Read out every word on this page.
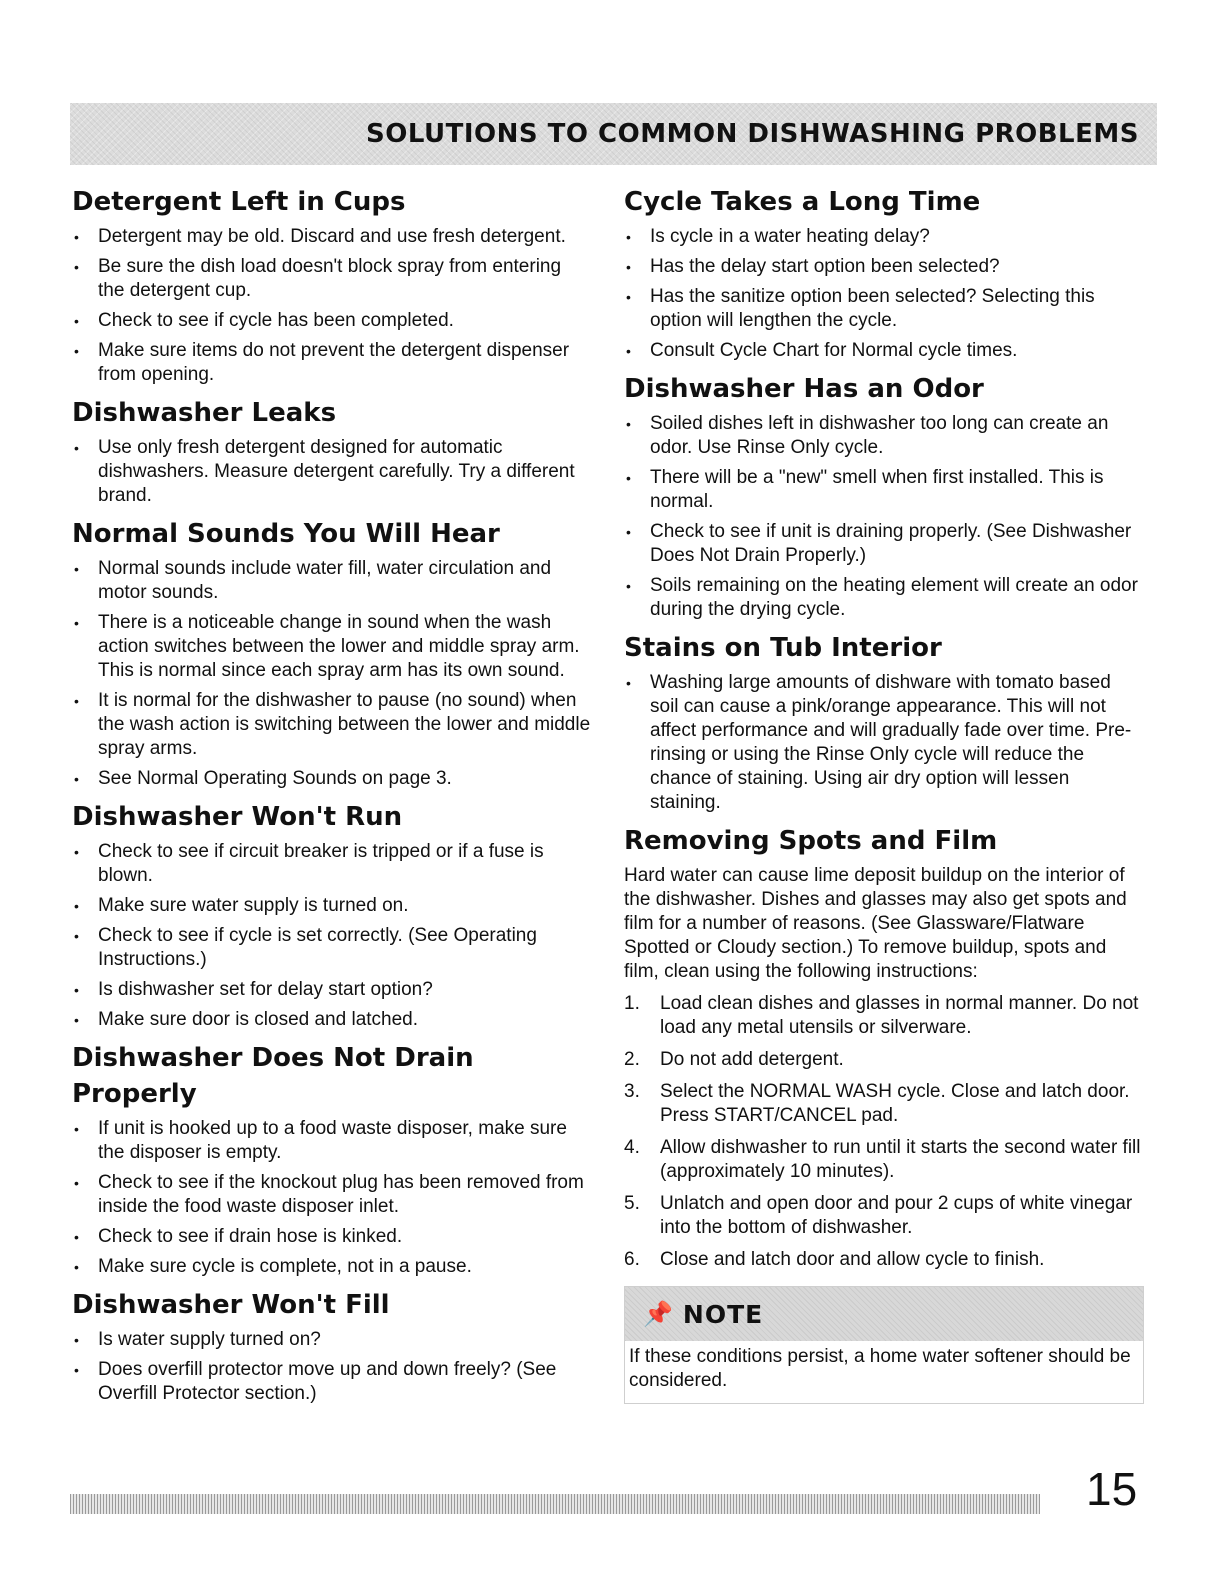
SOLUTIONS TO COMMON DISHWASHING PROBLEMS
Detergent Left in Cups
• Detergent may be old. Discard and use fresh detergent.
• Be sure the dish load doesn't block spray from entering the detergent cup.
• Check to see if cycle has been completed.
• Make sure items do not prevent the detergent dispenser from opening.
Dishwasher Leaks
• Use only fresh detergent designed for automatic dishwashers. Measure detergent carefully. Try a different brand.
Normal Sounds You Will Hear
• Normal sounds include water fill, water circulation and motor sounds.
• There is a noticeable change in sound when the wash action switches between the lower and middle spray arm. This is normal since each spray arm has its own sound.
• It is normal for the dishwasher to pause (no sound) when the wash action is switching between the lower and middle spray arms.
• See Normal Operating Sounds on page 3.
Dishwasher Won't Run
• Check to see if circuit breaker is tripped or if a fuse is blown.
• Make sure water supply is turned on.
• Check to see if cycle is set correctly. (See Operating Instructions.)
• Is dishwasher set for delay start option?
• Make sure door is closed and latched.
Dishwasher Does Not Drain Properly
• If unit is hooked up to a food waste disposer, make sure the disposer is empty.
• Check to see if the knockout plug has been removed from inside the food waste disposer inlet.
• Check to see if drain hose is kinked.
• Make sure cycle is complete, not in a pause.
Dishwasher Won't Fill
• Is water supply turned on?
• Does overfill protector move up and down freely? (See Overfill Protector section.)
Cycle Takes a Long Time
• Is cycle in a water heating delay?
• Has the delay start option been selected?
• Has the sanitize option been selected? Selecting this option will lengthen the cycle.
• Consult Cycle Chart for Normal cycle times.
Dishwasher Has an Odor
• Soiled dishes left in dishwasher too long can create an odor. Use Rinse Only cycle.
• There will be a "new" smell when first installed. This is normal.
• Check to see if unit is draining properly. (See Dishwasher Does Not Drain Properly.)
• Soils remaining on the heating element will create an odor during the drying cycle.
Stains on Tub Interior
• Washing large amounts of dishware with tomato based soil can cause a pink/orange appearance. This will not affect performance and will gradually fade over time. Pre-rinsing or using the Rinse Only cycle will reduce the chance of staining. Using air dry option will lessen staining.
Removing Spots and Film

Hard water can cause lime deposit buildup on the interior of the dishwasher. Dishes and glasses may also get spots and film for a number of reasons. (See Glassware/Flatware Spotted or Cloudy section.) To remove buildup, spots and film, clean using the following instructions:

1. Load clean dishes and glasses in normal manner. Do not load any metal utensils or silverware.
2. Do not add detergent.
3. Select the NORMAL WASH cycle. Close and latch door. Press START/CANCEL pad.
4. Allow dishwasher to run until it starts the second water fill (approximately 10 minutes).
5. Unlatch and open door and pour 2 cups of white vinegar into the bottom of dishwasher.
6. Close and latch door and allow cycle to finish.
📌 NOTE
If these conditions persist, a home water softener should be considered.
15
